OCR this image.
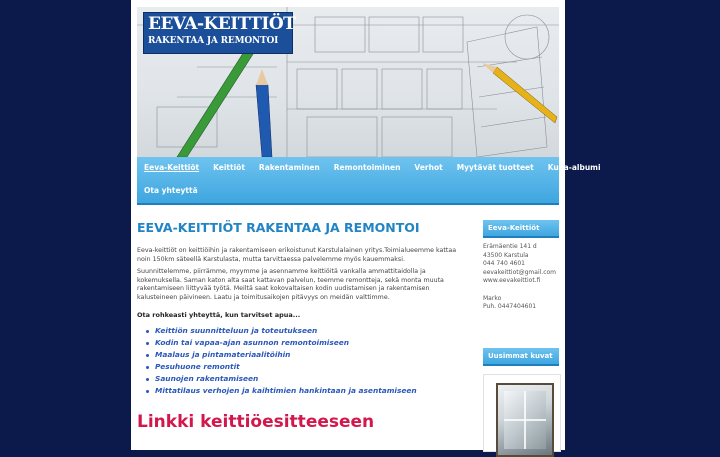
EEVA-KEITTIÖT
RAKENTAA JA REMONTOI
Eeva-Keittiöt	Keittiöt	Rakentaminen	Remontoiminen	Verhot	Myytävät tuotteet	Kuva-albumi
Ota yhteyttä
EEVA-KEITTIÖT RAKENTAA JA REMONTOI
Eeva-keittiöt on keittiöihin ja rakentamiseen erikoistunut Karstulalainen yritys.Toimialueemme kattaa noin 150km säteellä Karstulasta, mutta tarvittaessa palvelemme myös kauemmaksi.
Suunnittelemme, piirrämme, myymme ja asennamme keittiöitä vankalla ammattitaidolla ja kokemuksella. Saman katon alta saat kattavan palvelun, teemme remontteja, sekä monta muuta rakentamiseen liittyvää työtä. Meiltä saat kokovaltaisen kodin uudistamisen ja rakentamisen kalusteineen päivineen. Laatu ja toimitusaikojen pitävyys on meidän valttimme.
Ota rohkeasti yhteyttä, kun tarvitset apua...
Keittiön suunnitteluun ja toteutukseen
Kodin tai vapaa-ajan asunnon remontoimiseen
Maalaus ja pintamateriaalitöihin
Pesuhuone remontit
Saunojen rakentamiseen
Mittatilaus verhojen ja kaihtimien hankintaan ja asentamiseen
Linkki keittiöesitteeseen
Eeva-Keittiöt
Erämäentie 141 d
43500 Karstula
044 740 4601
eevakeittiot@gmail.com
www.eevakeittiot.fi
Marko
Puh. 0447404601
Uusimmat kuvat
